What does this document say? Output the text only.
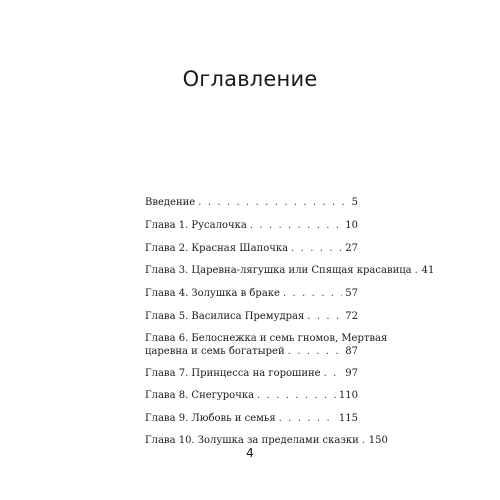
Оглавление
Введение . . .	5
Глава 1. Русалочка . . .	10
Глава 2. Красная Шапочка . . .	27
Глава 3. Царевна-лягушка или Спящая красавица . . . 41
Глава 4. Золушка в браке . . .	57
Глава 5. Василиса Премудрая . . .	72
Глава 6. Белоснежка и семь гномов, Мертвая
царевна и семь богатырей . . .	87
Глава 7. Принцесса на горошине . . . 97
Глава 8. Снегурочка . . .	110
Глава 9. Любовь и семья . . .	115
Глава 10. Золушка за пределами сказки . . . 150
4
